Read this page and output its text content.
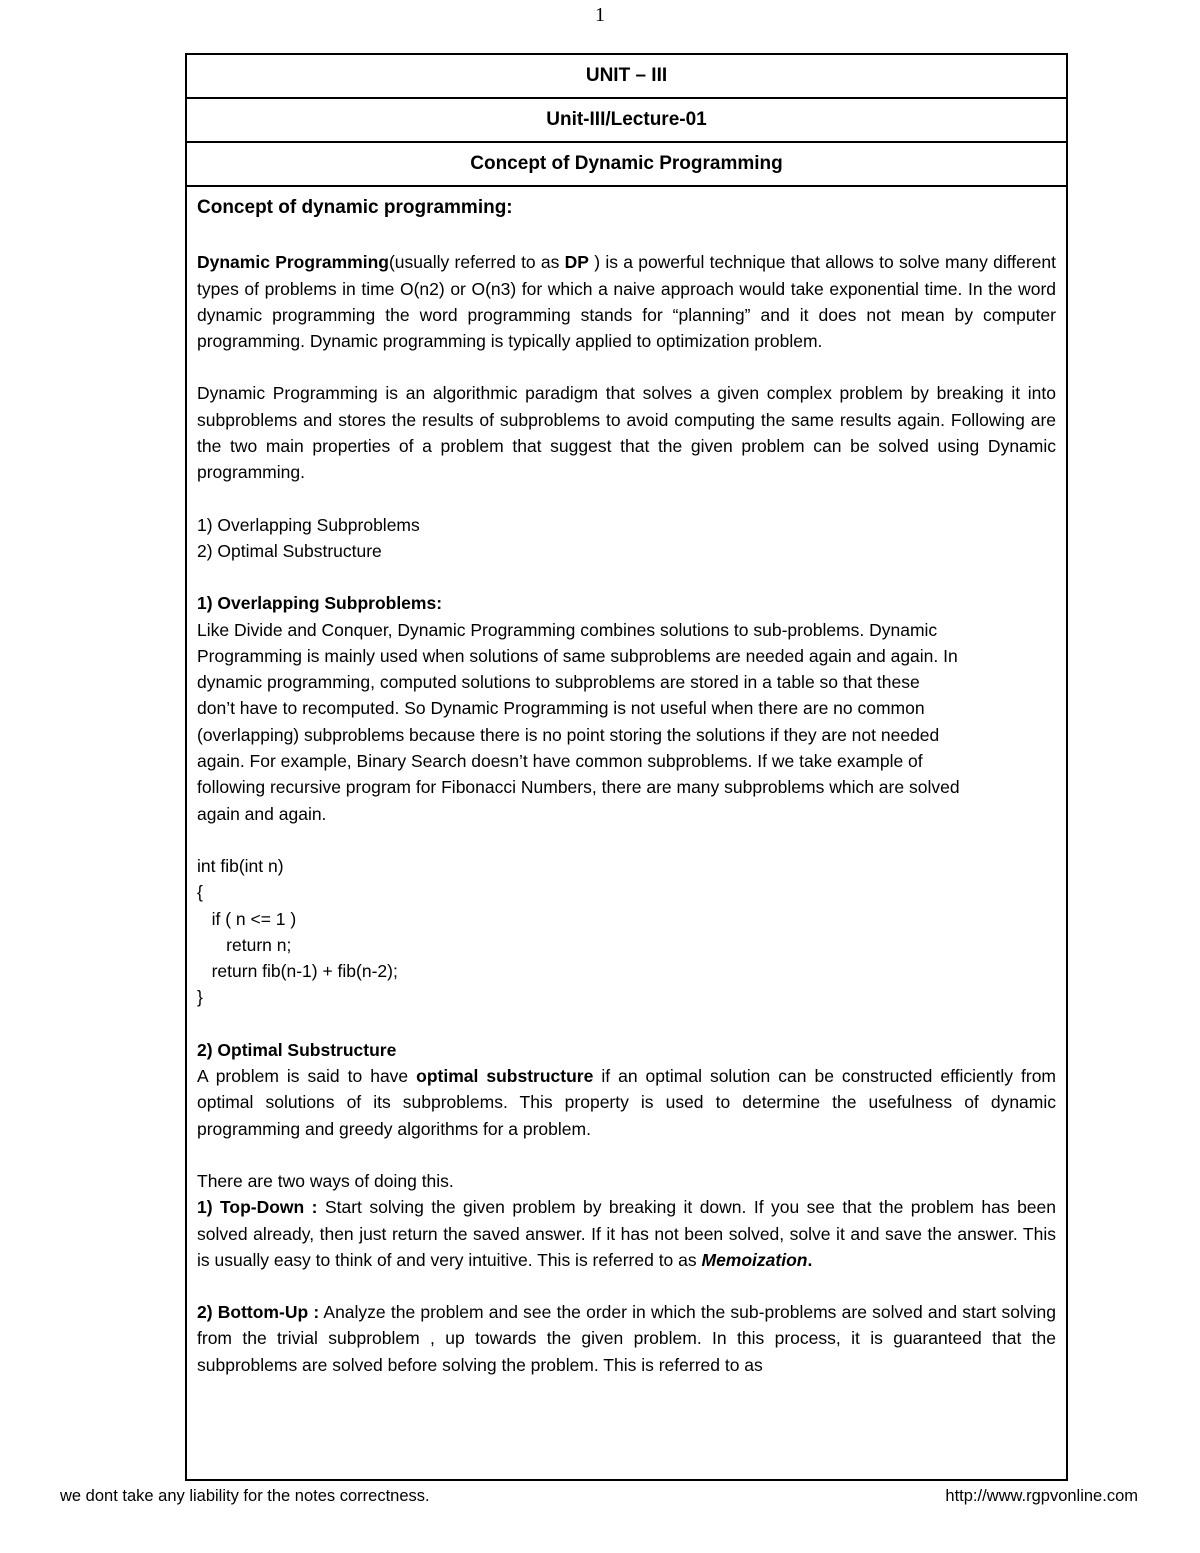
1
UNIT – III
Unit-III/Lecture-01
Concept of Dynamic Programming
Concept of dynamic programming:

Dynamic Programming(usually referred to as DP ) is a powerful technique that allows to solve many different types of problems in time O(n2) or O(n3) for which a naive approach would take exponential time. In the word dynamic programming the word programming stands for “planning” and it does not mean by computer programming. Dynamic programming is typically applied to optimization problem.

Dynamic Programming is an algorithmic paradigm that solves a given complex problem by breaking it into subproblems and stores the results of subproblems to avoid computing the same results again. Following are the two main properties of a problem that suggest that the given problem can be solved using Dynamic programming.

1) Overlapping Subproblems
2) Optimal Substructure

1) Overlapping Subproblems:
Like Divide and Conquer, Dynamic Programming combines solutions to sub-problems. Dynamic
Programming is mainly used when solutions of same subproblems are needed again and again. In
dynamic programming, computed solutions to subproblems are stored in a table so that these
don’t have to recomputed. So Dynamic Programming is not useful when there are no common
(overlapping) subproblems because there is no point storing the solutions if they are not needed
again. For example, Binary Search doesn’t have common subproblems. If we take example of
following recursive program for Fibonacci Numbers, there are many subproblems which are solved
again and again.
int fib(int n)
{
if ( n <= 1 )
return n;
return fib(n-1) + fib(n-2);
}

2) Optimal Substructure
A problem is said to have optimal substructure if an optimal solution can be constructed efficiently from optimal solutions of its subproblems. This property is used to determine the usefulness of dynamic programming and greedy algorithms for a problem.

There are two ways of doing this.
1) Top-Down : Start solving the given problem by breaking it down. If you see that the problem has been solved already, then just return the saved answer. If it has not been solved, solve it and save the answer. This is usually easy to think of and very intuitive. This is referred to as Memoization.

2) Bottom-Up : Analyze the problem and see the order in which the sub-problems are solved and start solving from the trivial subproblem , up towards the given problem. In this process, it is guaranteed that the subproblems are solved before solving the problem. This is referred to as

we dont take any liability for the notes correctness.	http://www.rgpvonline.com
